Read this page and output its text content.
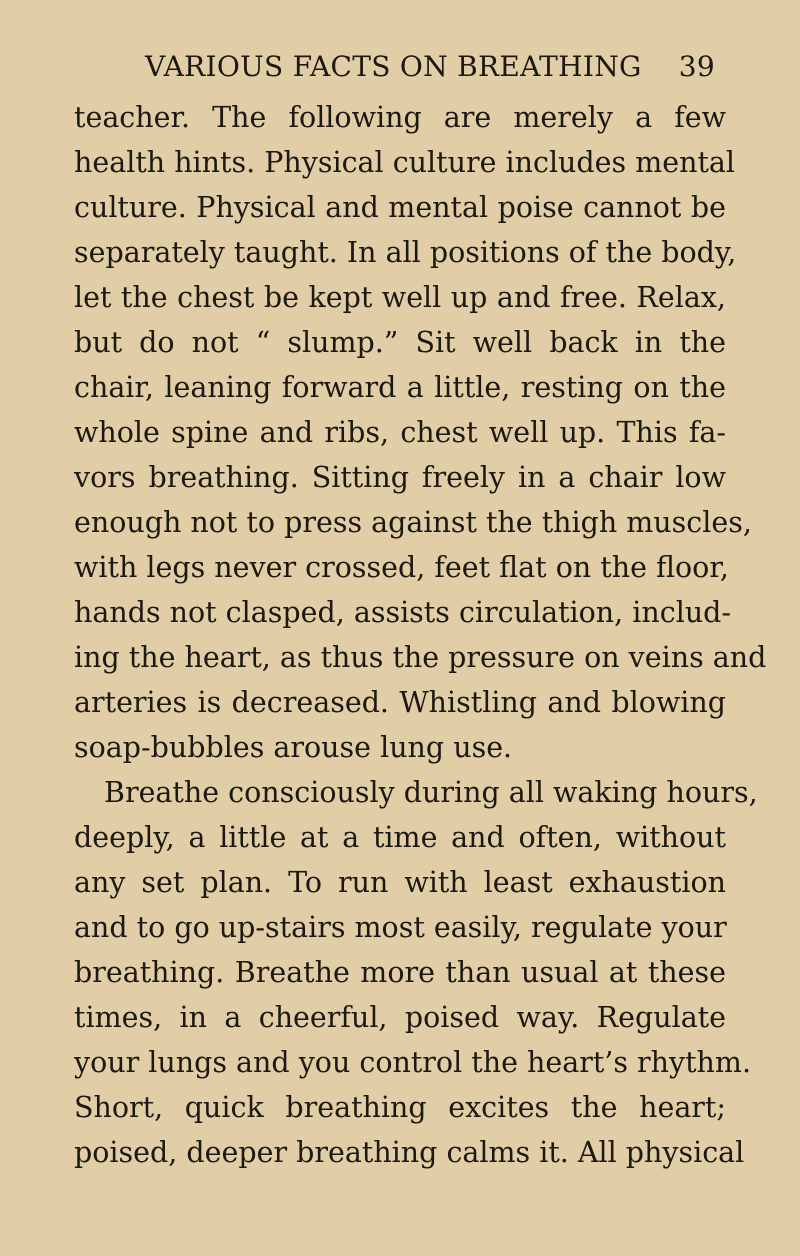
VARIOUS FACTS ON BREATHING 39
teacher. The following are merely a few
health hints. Physical culture includes mental
culture. Physical and mental poise cannot be
separately taught. In all positions of the body,
let the chest be kept well up and free. Relax,
but do not “ slump.” Sit well back in the
chair, leaning forward a little, resting on the
whole spine and ribs, chest well up. This fa-
vors breathing. Sitting freely in a chair low
enough not to press against the thigh muscles,
with legs never crossed, feet flat on the floor,
hands not clasped, assists circulation, includ-
ing the heart, as thus the pressure on veins and
arteries is decreased. Whistling and blowing
soap-bubbles arouse lung use.
Breathe consciously during all waking hours,
deeply, a little at a time and often, without
any set plan. To run with least exhaustion
and to go up-stairs most easily, regulate your
breathing. Breathe more than usual at these
times, in a cheerful, poised way. Regulate
your lungs and you control the heart’s rhythm.
Short, quick breathing excites the heart;
poised, deeper breathing calms it. All physical
